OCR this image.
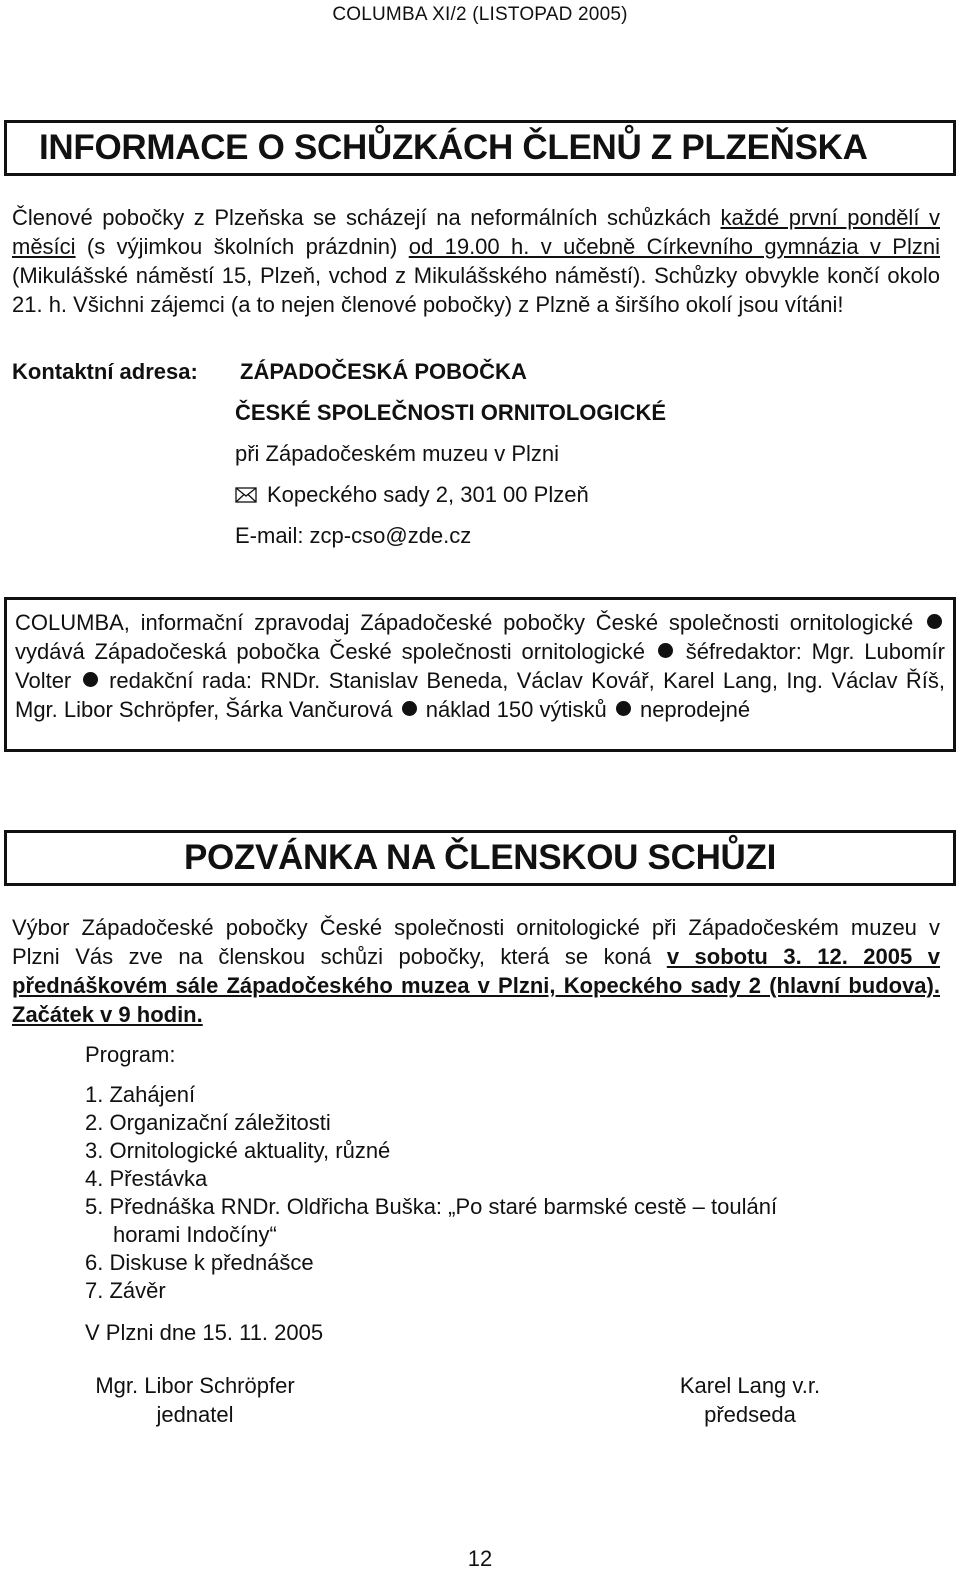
COLUMBA XI/2 (LISTOPAD 2005)
INFORMACE O SCHŮZKÁCH ČLENŮ Z PLZEŇSKA
Členové pobočky z Plzeňska se scházejí na neformálních schůzkách každé první pondělí v měsíci (s výjimkou školních prázdnin) od 19.00 h. v učebně Církevního gymnázia v Plzni (Mikulášské náměstí 15, Plzeň, vchod z Mikulášského náměstí). Schůzky obvykle končí okolo 21. h. Všichni zájemci (a to nejen členové pobočky) z Plzně a širšího okolí jsou vítáni!
Kontaktní adresa: ZÁPADOČESKÁ POBOČKA
ČESKÉ SPOLEČNOSTI ORNITOLOGICKÉ
při Západočeském muzeu v Plzni
Kopeckého sady 2, 301 00 Plzeň
E-mail: zcp-cso@zde.cz
COLUMBA, informační zpravodaj Západočeské pobočky České společnosti ornitologické  vydává Západočeská pobočka České společnosti ornitologické šéfredaktor: Mgr. Lubomír Volter redakční rada: RNDr. Stanislav Beneda, Václav Kovář, Karel Lang, Ing. Václav Říš, Mgr. Libor Schröpfer, Šárka Vančurová náklad 150 výtisků neprodejné
POZVÁNKA NA ČLENSKOU SCHŮZI
Výbor Západočeské pobočky České společnosti ornitologické při Západočeském muzeu v Plzni Vás zve na členskou schůzi pobočky, která se koná v sobotu 3. 12. 2005 v přednáškovém sále Západočeského muzea v Plzni, Kopeckého sady 2 (hlavní budova). Začátek v 9 hodin.
Program:
1. Zahájení
2. Organizační záležitosti
3. Ornitologické aktuality, různé
4. Přestávka
5. Přednáška RNDr. Oldřicha Buška: „Po staré barmské cestě – toulání
horami Indočíny“
6. Diskuse k přednášce
7. Závěr
V Plzni dne 15. 11. 2005
Mgr. Libor Schröpfer
jednatel
Karel Lang v.r.
předseda
12
